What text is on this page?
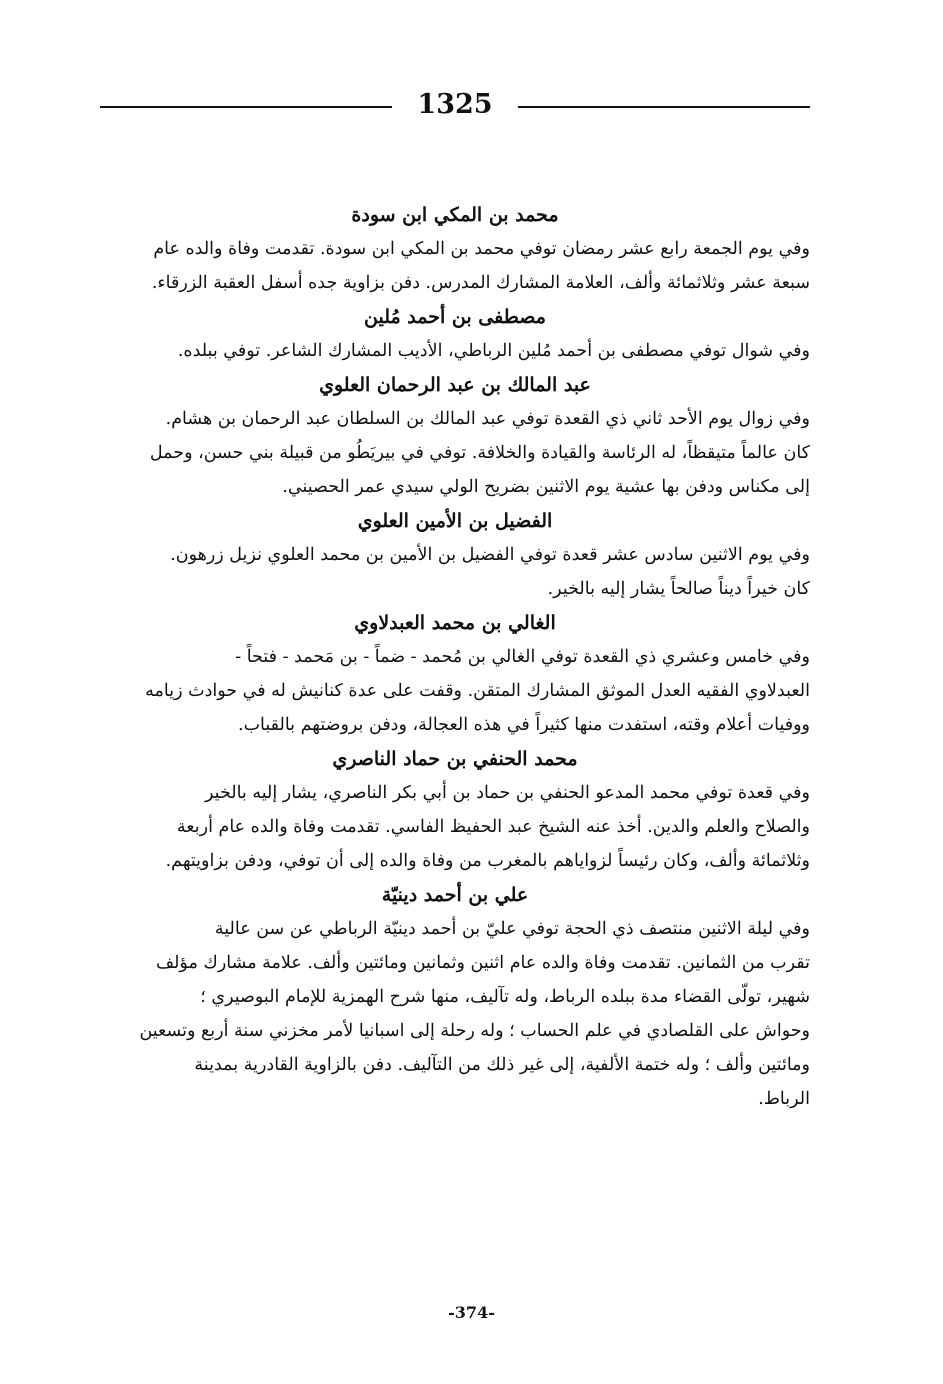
1325
محمد بن المكي ابن سودة
وفي يوم الجمعة رابع عشر رمضان توفي محمد بن المكي ابن سودة. تقدمت وفاة والده عام
سبعة عشر وثلاثمائة وألف، العلامة المشارك المدرس. دفن بزاوية جده أسفل العقبة الزرقاء.
مصطفى بن أحمد مُلين
وفي شوال توفي مصطفى بن أحمد مُلين الرباطي، الأديب المشارك الشاعر. توفي ببلده.
عبد المالك بن عبد الرحمان العلوي
وفي زوال يوم الأحد ثاني ذي القعدة توفي عبد المالك بن السلطان عبد الرحمان بن هشام.
كان عالماً متيقظاً، له الرئاسة والقيادة والخلافة. توفي في بيريَطُو من قبيلة بني حسن، وحمل
إلى مكناس ودفن بها عشية يوم الاثنين بضريح الولي سيدي عمر الحصيني.
الفضيل بن الأمين العلوي
وفي يوم الاثنين سادس عشر قعدة توفي الفضيل بن الأمين بن محمد العلوي نزيل زرهون.
كان خيراً ديناً صالحاً يشار إليه بالخير.
الغالي بن محمد العبدلاوي
وفي خامس وعشري ذي القعدة توفي الغالي بن مُحمد - ضماً - بن مَحمد - فتحاً -
العبدلاوي الفقيه العدل الموثق المشارك المتقن. وقفت على عدة كنانيش له في حوادث زيامه
ووفيات أعلام وقته، استفدت منها كثيراً في هذه العجالة، ودفن بروضتهم بالقباب.
محمد الحنفي بن حماد الناصري
وفي قعدة توفي محمد المدعو الحنفي بن حماد بن أبي بكر الناصري، يشار إليه بالخير
والصلاح والعلم والدين. أخذ عنه الشيخ عبد الحفيظ الفاسي. تقدمت وفاة والده عام أربعة
وثلاثمائة وألف، وكان رئيساً لزواياهم بالمغرب من وفاة والده إلى أن توفي، ودفن بزاويتهم.
علي بن أحمد دينيّة
وفي ليلة الاثنين منتصف ذي الحجة توفي عليّ بن أحمد دينيّة الرباطي عن سن عالية
تقرب من الثمانين. تقدمت وفاة والده عام اثنين وثمانين ومائتين وألف. علامة مشارك مؤلف
شهير، تولّى القضاء مدة ببلده الرباط، وله تآليف، منها شرح الهمزية للإمام البوصيري ؛
وحواش على القلصادي في علم الحساب ؛ وله رحلة إلى اسبانيا لأمر مخزني سنة أربع وتسعين
ومائتين وألف ؛ وله ختمة الألفية، إلى غير ذلك من التآليف. دفن بالزاوية القادرية بمدينة
الرباط.
-374-
